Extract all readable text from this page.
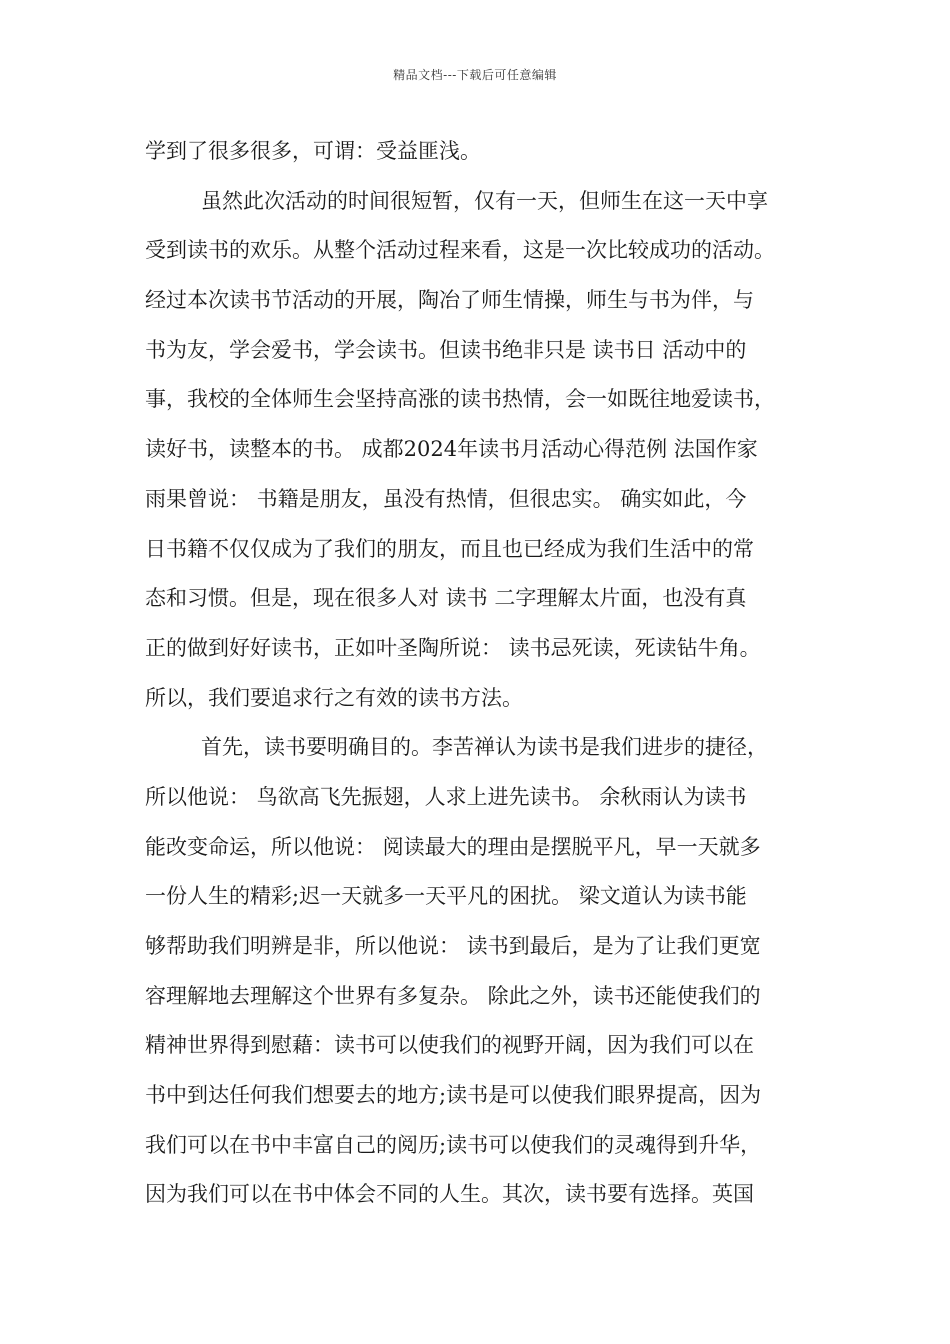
精品文档---下载后可任意编辑
学到了很多很多，可谓：受益匪浅。
虽然此次活动的时间很短暂，仅有一天，但师生在这一天中享
受到读书的欢乐。从整个活动过程来看，这是一次比较成功的活动。
经过本次读书节活动的开展，陶冶了师生情操，师生与书为伴，与
书为友，学会爱书，学会读书。但读书绝非只是 读书日 活动中的
事，我校的全体师生会坚持高涨的读书热情，会一如既往地爱读书，
读好书，读整本的书。 成都2024年读书月活动心得范例 法国作家
雨果曾说： 书籍是朋友，虽没有热情，但很忠实。 确实如此，今
日书籍不仅仅成为了我们的朋友，而且也已经成为我们生活中的常
态和习惯。但是，现在很多人对 读书 二字理解太片面，也没有真
正的做到好好读书，正如叶圣陶所说： 读书忌死读，死读钻牛角。
所以，我们要追求行之有效的读书方法。
首先，读书要明确目的。李苦禅认为读书是我们进步的捷径，
所以他说： 鸟欲高飞先振翅，人求上进先读书。 余秋雨认为读书
能改变命运，所以他说： 阅读最大的理由是摆脱平凡，早一天就多
一份人生的精彩;迟一天就多一天平凡的困扰。 梁文道认为读书能
够帮助我们明辨是非，所以他说： 读书到最后，是为了让我们更宽
容理解地去理解这个世界有多复杂。 除此之外，读书还能使我们的
精神世界得到慰藉：读书可以使我们的视野开阔，因为我们可以在
书中到达任何我们想要去的地方;读书是可以使我们眼界提高，因为
我们可以在书中丰富自己的阅历;读书可以使我们的灵魂得到升华，
因为我们可以在书中体会不同的人生。其次，读书要有选择。英国
